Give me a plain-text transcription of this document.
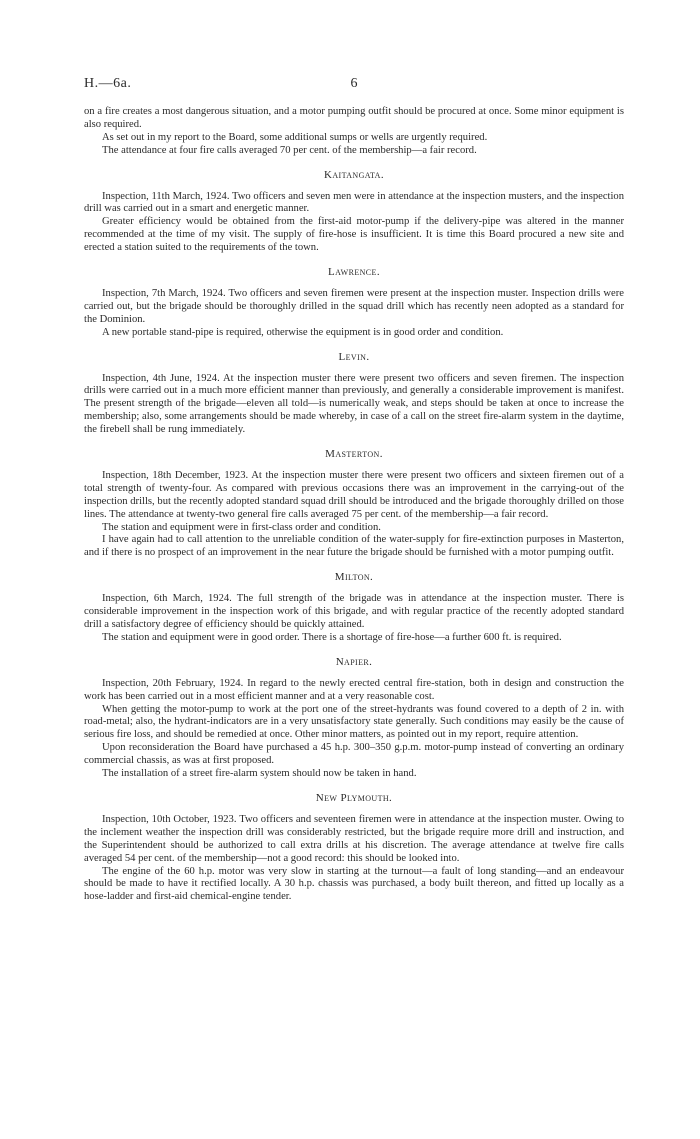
H.—6a.	6

on a fire creates a most dangerous situation, and a motor pumping outfit should be procured at once. Some minor equipment is also required.

As set out in my report to the Board, some additional sumps or wells are urgently required.

The attendance at four fire calls averaged 70 per cent. of the membership—a fair record.

Kaitangata.

Inspection, 11th March, 1924. Two officers and seven men were in attendance at the inspection musters, and the inspection drill was carried out in a smart and energetic manner.

Greater efficiency would be obtained from the first-aid motor-pump if the delivery-pipe was altered in the manner recommended at the time of my visit. The supply of fire-hose is insufficient. It is time this Board procured a new site and erected a station suited to the requirements of the town.

Lawrence.

Inspection, 7th March, 1924. Two officers and seven firemen were present at the inspection muster. Inspection drills were carried out, but the brigade should be thoroughly drilled in the squad drill which has recently neen adopted as a standard for the Dominion.

A new portable stand-pipe is required, otherwise the equipment is in good order and condition.

Levin.

Inspection, 4th June, 1924. At the inspection muster there were present two officers and seven firemen. The inspection drills were carried out in a much more efficient manner than previously, and generally a considerable improvement is manifest. The present strength of the brigade—eleven all told—is numerically weak, and steps should be taken at once to increase the membership; also, some arrangements should be made whereby, in case of a call on the street fire-alarm system in the daytime, the firebell shall be rung immediately.

Masterton.

Inspection, 18th December, 1923. At the inspection muster there were present two officers and sixteen firemen out of a total strength of twenty-four. As compared with previous occasions there was an improvement in the carrying-out of the inspection drills, but the recently adopted standard squad drill should be introduced and the brigade thoroughly drilled on those lines. The attendance at twenty-two general fire calls averaged 75 per cent. of the membership—a fair record.

The station and equipment were in first-class order and condition.

I have again had to call attention to the unreliable condition of the water-supply for fire-extinction purposes in Masterton, and if there is no prospect of an improvement in the near future the brigade should be furnished with a motor pumping outfit.

Milton.

Inspection, 6th March, 1924. The full strength of the brigade was in attendance at the inspection muster. There is considerable improvement in the inspection work of this brigade, and with regular practice of the recently adopted standard drill a satisfactory degree of efficiency should be quickly attained.

The station and equipment were in good order. There is a shortage of fire-hose—a further 600 ft. is required.

Napier.

Inspection, 20th February, 1924. In regard to the newly erected central fire-station, both in design and construction the work has been carried out in a most efficient manner and at a very reasonable cost.

When getting the motor-pump to work at the port one of the street-hydrants was found covered to a depth of 2 in. with road-metal; also, the hydrant-indicators are in a very unsatisfactory state generally. Such conditions may easily be the cause of serious fire loss, and should be remedied at once. Other minor matters, as pointed out in my report, require attention.

Upon reconsideration the Board have purchased a 45 h.p. 300–350 g.p.m. motor-pump instead of converting an ordinary commercial chassis, as was at first proposed.

The installation of a street fire-alarm system should now be taken in hand.

New Plymouth.

Inspection, 10th October, 1923. Two officers and seventeen firemen were in attendance at the inspection muster. Owing to the inclement weather the inspection drill was considerably restricted, but the brigade require more drill and instruction, and the Superintendent should be authorized to call extra drills at his discretion. The average attendance at twelve fire calls averaged 54 per cent. of the membership—not a good record: this should be looked into.

The engine of the 60 h.p. motor was very slow in starting at the turnout—a fault of long standing—and an endeavour should be made to have it rectified locally. A 30 h.p. chassis was purchased, a body built thereon, and fitted up locally as a hose-ladder and first-aid chemical-engine tender.
